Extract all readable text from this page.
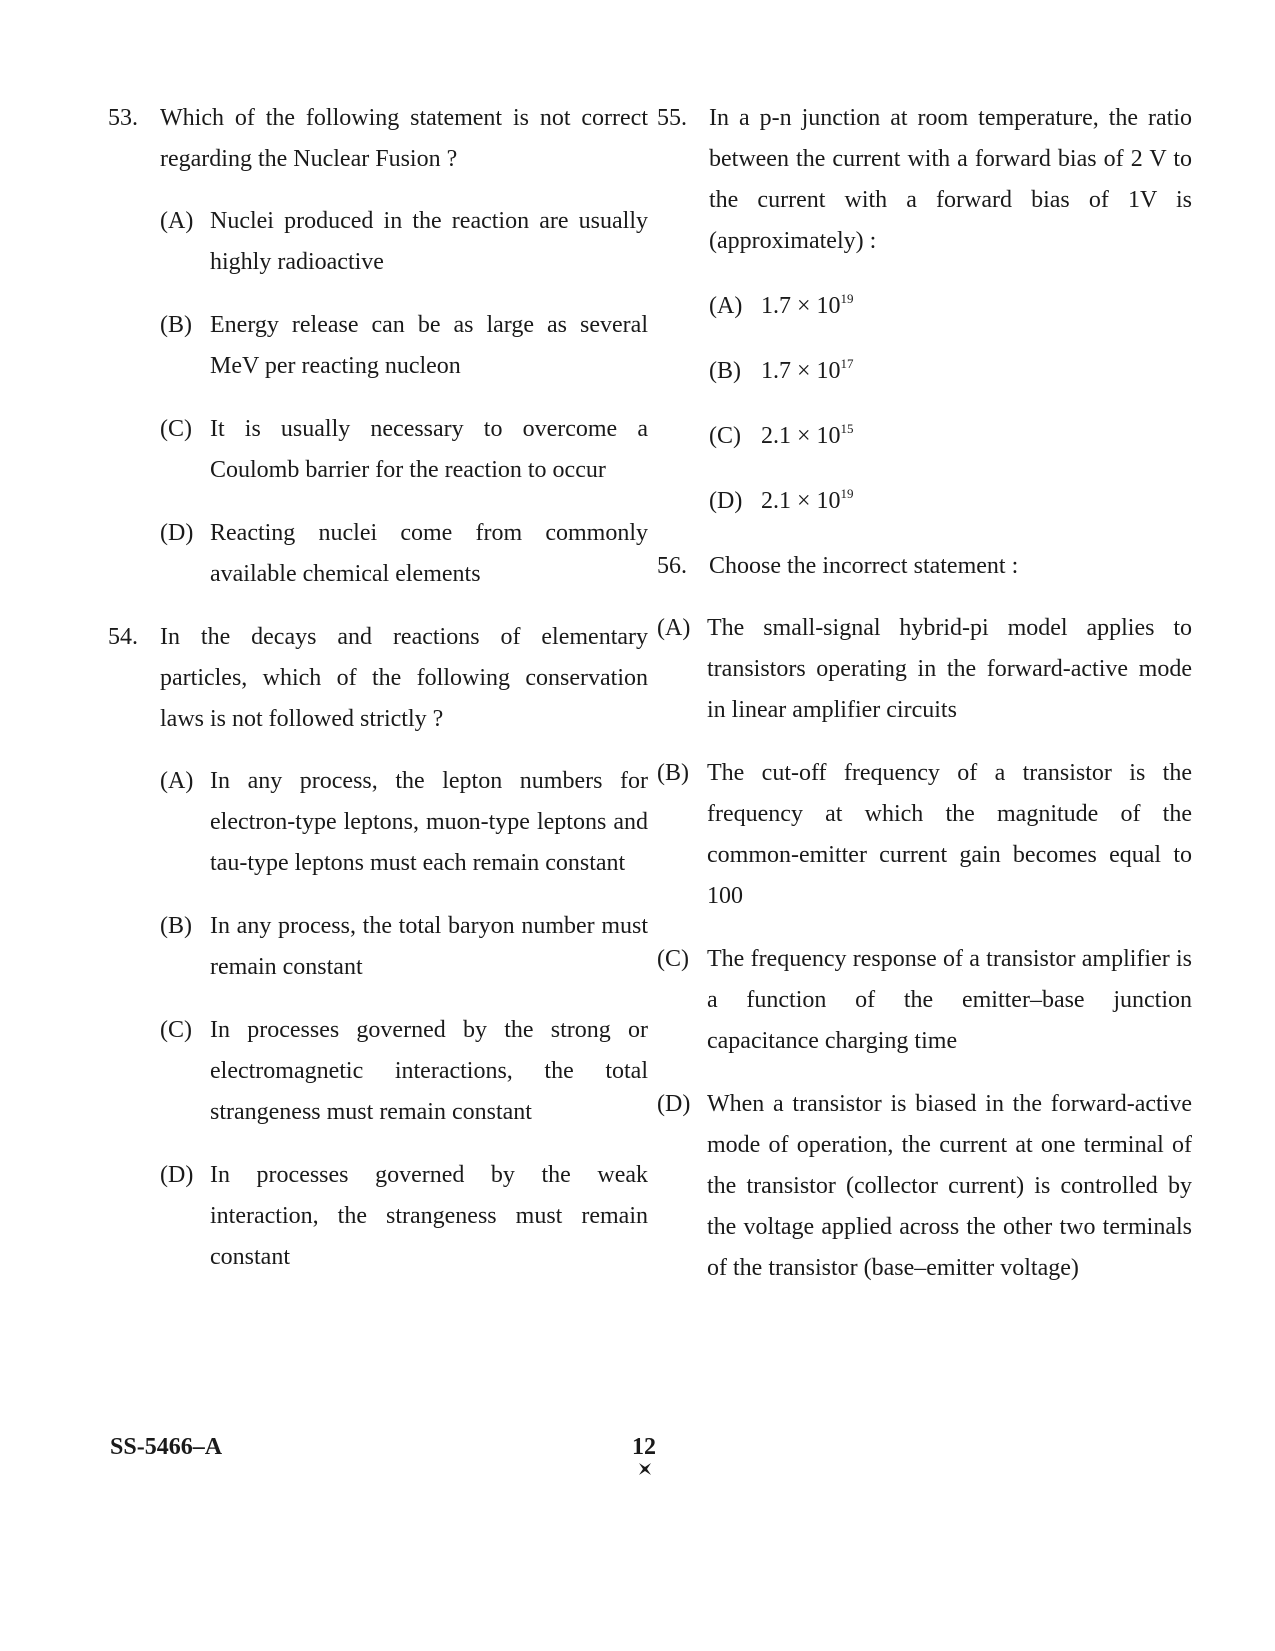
53. Which of the following statement is not correct regarding the Nuclear Fusion ?
(A) Nuclei produced in the reaction are usually highly radioactive
(B) Energy release can be as large as several MeV per reacting nucleon
(C) It is usually necessary to overcome a Coulomb barrier for the reaction to occur
(D) Reacting nuclei come from commonly available chemical elements
54. In the decays and reactions of elementary particles, which of the following conservation laws is not followed strictly ?
(A) In any process, the lepton numbers for electron-type leptons, muon-type leptons and tau-type leptons must each remain constant
(B) In any process, the total baryon number must remain constant
(C) In processes governed by the strong or electromagnetic interactions, the total strangeness must remain constant
(D) In processes governed by the weak interaction, the strangeness must remain constant
55. In a p-n junction at room temperature, the ratio between the current with a forward bias of 2 V to the current with a forward bias of 1V is (approximately) :
(A) $1.7 \times 10^{19}$
(B) $1.7 \times 10^{17}$
(C) $2.1 \times 10^{15}$
(D) $2.1 \times 10^{19}$
56. Choose the incorrect statement :
(A) The small-signal hybrid-pi model applies to transistors operating in the forward-active mode in linear amplifier circuits
(B) The cut-off frequency of a transistor is the frequency at which the magnitude of the common-emitter current gain becomes equal to 100
(C) The frequency response of a transistor amplifier is a function of the emitter–base junction capacitance charging time
(D) When a transistor is biased in the forward-active mode of operation, the current at one terminal of the transistor (collector current) is controlled by the voltage applied across the other two terminals of the transistor (base–emitter voltage)
SS-5466–A	12
